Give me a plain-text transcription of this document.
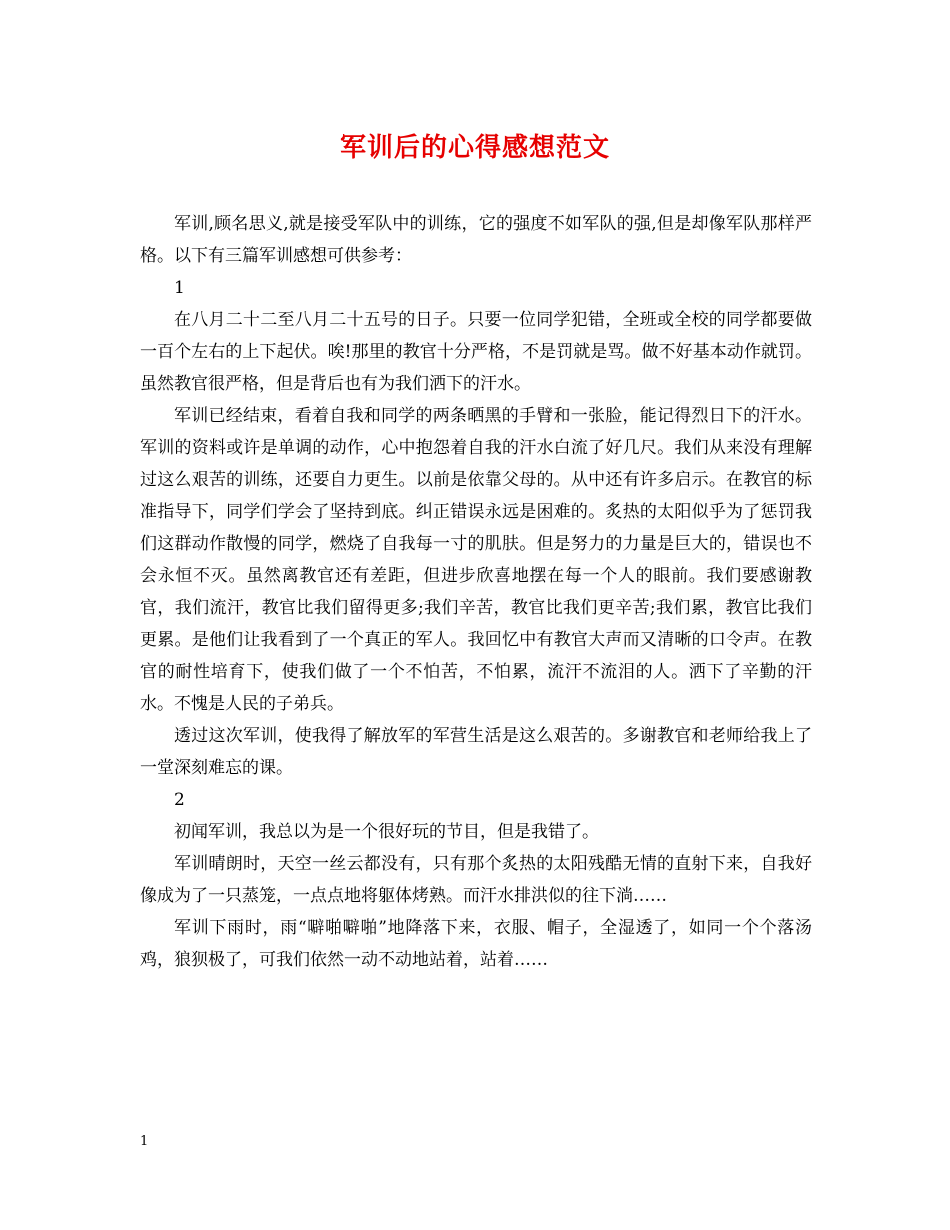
军训后的心得感想范文

军训,顾名思义,就是接受军队中的训练，它的强度不如军队的强,但是却像军队那样严格。以下有三篇军训感想可供参考：

1

在八月二十二至八月二十五号的日子。只要一位同学犯错，全班或全校的同学都要做一百个左右的上下起伏。唉!那里的教官十分严格，不是罚就是骂。做不好基本动作就罚。虽然教官很严格，但是背后也有为我们洒下的汗水。

军训已经结束，看着自我和同学的两条晒黑的手臂和一张脸，能记得烈日下的汗水。军训的资料或许是单调的动作，心中抱怨着自我的汗水白流了好几尺。我们从来没有理解过这么艰苦的训练，还要自力更生。以前是依靠父母的。从中还有许多启示。在教官的标准指导下，同学们学会了坚持到底。纠正错误永远是困难的。炙热的太阳似乎为了惩罚我们这群动作散慢的同学，燃烧了自我每一寸的肌肤。但是努力的力量是巨大的，错误也不会永恒不灭。虽然离教官还有差距，但进步欣喜地摆在每一个人的眼前。我们要感谢教官，我们流汗，教官比我们留得更多;我们辛苦，教官比我们更辛苦;我们累，教官比我们更累。是他们让我看到了一个真正的军人。我回忆中有教官大声而又清晰的口令声。在教官的耐性培育下，使我们做了一个不怕苦，不怕累，流汗不流泪的人。洒下了辛勤的汗水。不愧是人民的子弟兵。

透过这次军训，使我得了解放军的军营生活是这么艰苦的。多谢教官和老师给我上了一堂深刻难忘的课。

2

初闻军训，我总以为是一个很好玩的节目，但是我错了。

军训晴朗时，天空一丝云都没有，只有那个炙热的太阳残酷无情的直射下来，自我好像成为了一只蒸笼，一点点地将躯体烤熟。而汗水排洪似的往下淌……

军训下雨时，雨“噼啪噼啪”地降落下来，衣服、帽子，全湿透了，如同一个个落汤鸡，狼狈极了，可我们依然一动不动地站着，站着……

1
